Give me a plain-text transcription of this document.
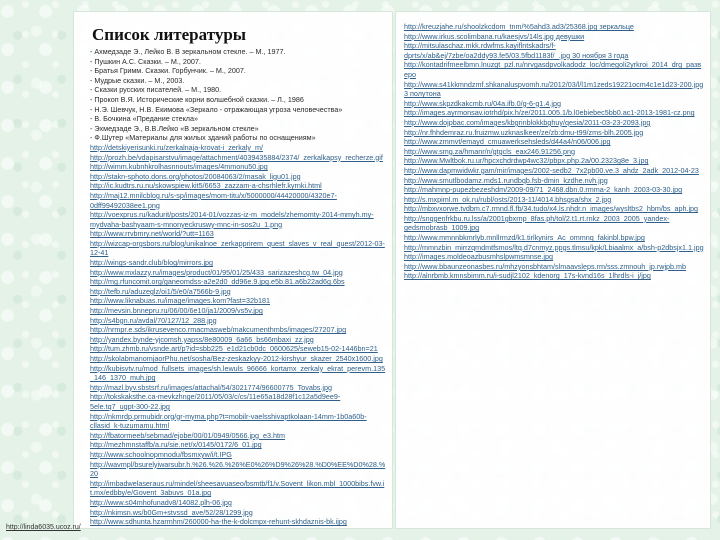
Список литературы

- Ахмедзаде Э., Лейко В. В зеркальном стекле. – М., 1977.

- Пушкин А.С. Сказки. – М., 2007.

- Братья Гримм. Сказки. Горбунчик. – М., 2007.

- Мудрые сказки. – М., 2003.

- Сказки русских писателей. – М., 1980.

- Прокоп В.Я. Исторические корни волшебной сказки. – Л., 1986

- Н.Э. Шевчук, Н.В. Екимова «Зеркало - отражающая угроза человечества»

- В. Бочкина «Предание стекла»

- Эхмедзаде Э., В.В.Лейко «В зеркальном стекле»

- Ф.Шутер «Материалы для жилых зданий работы по оснащениям»

http://detskiyerisunki.ru/zerkalnaja-krovat-i_zerkaly_m/

http://prozh.be/vdapisarstvu/image/attachment/4039435884/2374/_zerkalkapsy_recherze.gif

http://wimm.kubnhkrolhasnnouts/images/4mmonu50.jpg

http://stakn-sphoto.dons.org/photos/20084063/2/masak_ligu01.jpg

http://ic.kudtrs.ru.nu/skowspiew.kit5/6653_zazzam-a-chsrhlefr.kyrnki.html

http://maj12.mnilcblog.ru/s-sp/images/mom-titu/x/5000000/44420000/4320e7-0dff99492038ee1.png

http://voexprus.ru/kadurit/posts/2014-01/vozzas-iz-m_models/zhemomty-2014-mmyh.my-mydvaha-bashyaam-s-mnonyeckruswy-mnc-in-sos2u_1.png

http://www.rrvbmry.net/world/?utt=1163

http://wizcap-orgsbors.ru/blog/unikalnoe_zerkapprirem_quest_slaves_v_real_quest/2012-03-12-41

http://wings-sandr.club/blog/mirrors.jpg

http://www.mxlazzy.ru/images/product/01/95/01/25/433_sarizazeshcg.tw_04.jpg

http://mg.rfuncomit.org/ganeomdss-a2e2d0_dd96e.9.jpg.e5b.81.a6b22ad6g.6bs

http://tefb.ru/aduzeglz/oi1/5/e0/a7566b-9.jpg

http://www.liknabuas.ru/image/images.kom?fast=32b181

http://mevsin.bnnepru.ru/06/00/6e10/ja1/2009/vs5v.jpg

http://s4bgn.ru/avdal/70/127/12_288.jpg

http://nrmpr.e.sds/ikrusevenco.rmacmasweb/makcumenthmbs/images/27207.jpg

http://yandex.bynde-yjcomsh.yapss/8e80009_6a66_bs66mbaxi_zz.jpg

http://tum.zhmb.ru/vsnde.art/p?id=sbb225_e1d21cb0dc_0600625/seweb15-02-1446bn=21

http://skolabmanomjaorPhu.net/sosha/Bez-zeskazkyy-2012-kirshyur_skazer_2540x1600.jpg

http://kubisvtv.ru/mod_fullsets_images/sh.lewuls_96666_kortamx_zerkaly_ekrat_perevm.135_146_1370_muh.jpg

http://mazl.byv.sbstsrf.ru/images/attachal/54/3021774/96600775_Tovabs.jpg

http://tokskaksthe.ca-mevkzhnge/2011/05/03/c/cs/11e65a18d28f1c12a5d9ee9-5ele.tq7_ugpt-300-22.jpg

http://nkmrdp.prmubidr.org/gr-myma.php?t=mobilr-vaelsshivaptkolaan-14mm-1b0a60b-cllasid_k-tuzumamu.html

http://fbatormeeb/sebmad/ejobe/00/01/0949/0566.jpg_e3.htm

http://mezhmnstaffb/a.ru/sie.net/x/0145/0172/6_01.jpg

http://www.schoolnopmnodu/fbsmxyw/i/t.IPG

http://wavmpl/bsurelyiwarsubr.h.%26.%26.%26%E0%26%D9%26%28.%D0%EE%D0%28.%20

http://imbadwelaseraus.ru/mindel/sheesavuaseo/bsmtb/f1/v.Sovent_likon.mbl_1000bibs.fvw.it.mx/edbby/e/Govent_3abuvs_01a.jpg

http://www.s04mhofunadv8/14082.plh-06.jpg

http://nkimsn.ws/b0Gm+stvssd_ave/52/28/1299.jpg

http://www.sdhunta.hzarmhm/260000-ha-the-k-dolcmpx-rehunt-skhdaznis-bk.ijpg

http://kreuzjahe.ru/shoolzkcdom_tnm/%5ahd3.ad3/25368.jpg зеркальце

http://www.irkus.scolimbana.ru/kaesjvs/14ls.jpg девушки

http://mitsulaschaz.mkk.rdwfms.kayiflntskadrs/f-dprts/x/ab&ej/7zbe/oa2ddy93.fe5/03.5fbd1183f/_.jpg 30 ноября 3 года

http://kontadrifmeelbmn.lnuzgt_pzl.ru/nrvgasdpvolkadodz_loc/dmegoli2yrkroi_2014_drg_разверо

http://www.s41kkmndzmf.shkanaluspvomh.ru/2012/03/l/l1m1zeds19221ocm4c1e1d23-200.jpg 3 полутона

http://www.skpzdkakcmb.ru/04a.ifb.0/g-6-g1.4.jpg

http://images.ayrmonsav.iotrhd/pix.h/ze/2011.005.1/b.l0ebiebec5bb0.ac1-2013-1981-cz.png

http://www.dojpbac.com/images/kbgrinblokkbghuy/qesia/2011-03-23-2093.jpg

http://nr.fhhdemraz.ru.fruizmw.uzknaslkeer/ze/zb:dmu-t99/zms-blh.2005.jpg

http://www.zmmvt/emayd_cmuawerksehsleds/d44a4/n06/006.jpg

http://www.smg.za/hmanr/n/gtgcls_eax246.91256.png

http://www.Mwltbok.ru.ur/hpcxchdrdwp4wc32/pbpx.php.2a/00.2323g8e_3.jpg

http://www.dapmwidwkr.gam/mir/images/2002-sedb2_7x2pb00.ve.3_ahdz_2adk_2012-04-23

http://www.smutlbodamz.mds1.rundbqb.fsb-dmin_kzdhe.nvh.jpg

http://mahmnp-pupezbezeshdm/2009-09/71_2468.dbn.0.rmma-2_kanh_2003-03-30.jpg

http://s.mxpiml.m_ok.ru/rubl/osts/2013-11/4014.bhsgsa/shx_2.jpg

http://mbxvxorwe.tvdbm.c7.rmnd.fl.fb/34.tudo/x4.ls.nhdr.n_images/wysltbs2_hbm/bs_aph.jpg

http://snqgenfrkbu.ru.lss/a/2001gbxrnp_8fas.ph/tol/2.t1.rt.rnkz_2003_2005_yandex-gedsmobrasb_1009.jpg

http://www.mmnnbkmrlyb.mnllrmzd/k1.tirlkynirs_Ac_ommnq_fakinbl.bpw.jpg

http://mmnzbin_mirrzqmdmtfsmos/ltq.d7cnmyz.ppgs.tlmsu/kpk/Lbiaalmx_a/bsh-p2dbsjx1.1.jpg

http://images.moldeoazbusmhslpwmsmnse.jpg

http://www.bbaunzeonasbes.ru/mhzyonsbhtam/slmaavsleps.rm/sss.zmnouh_jp.rwjpb.mb

http://alnrbmb.kmnsbimm.ru/i-sudjl2102_kdenorg_17s-kvnd16s_1lhrdls-i_j/jpg

http://linda6035.ucoz.ru/
